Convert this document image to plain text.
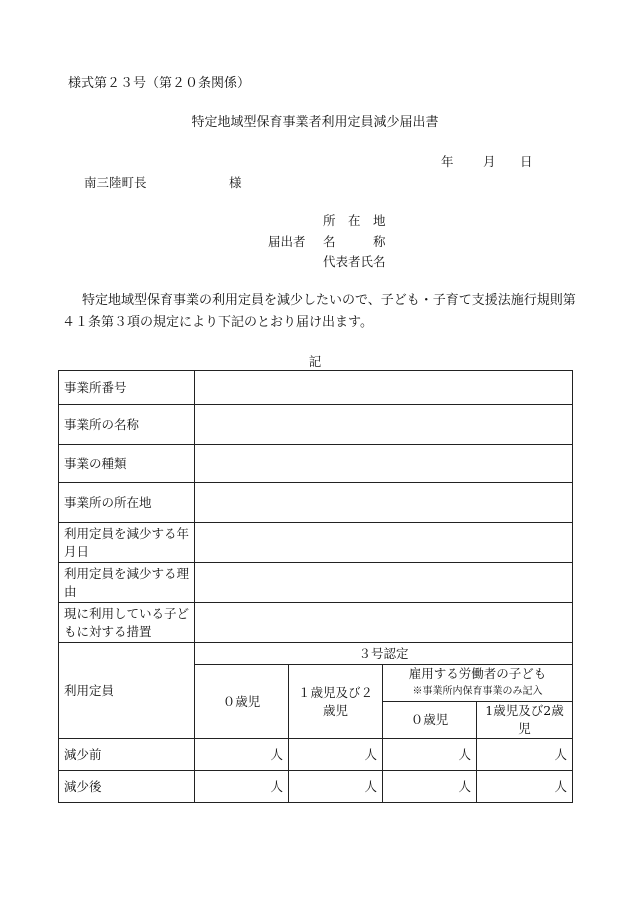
様式第２３号（第２０条関係）
特定地域型保育事業者利用定員減少届出書
年 月 日
南三陸町長	様
届出者
所　在　地
名　　　称
代表者氏名
特定地域型保育事業の利用定員を減少したいので、子ども・子育て支援法施行規則第４１条第３項の規定により下記のとおり届け出ます。
記
事業所番号				
事業所の名称				
事業の種類				
事業所の所在地				
利用定員を減少する年月日				
利用定員を減少する理由				
現に利用している子どもに対する措置				
利用定員	３号認定			
	０歳児	１歳児及び２歳児	雇用する労働者の子ども
※事業所内保育事業のみ記入	

			０歳児	1歳児及び2歳児
減少前	人	人	人	人
減少後	人	人	人	人
